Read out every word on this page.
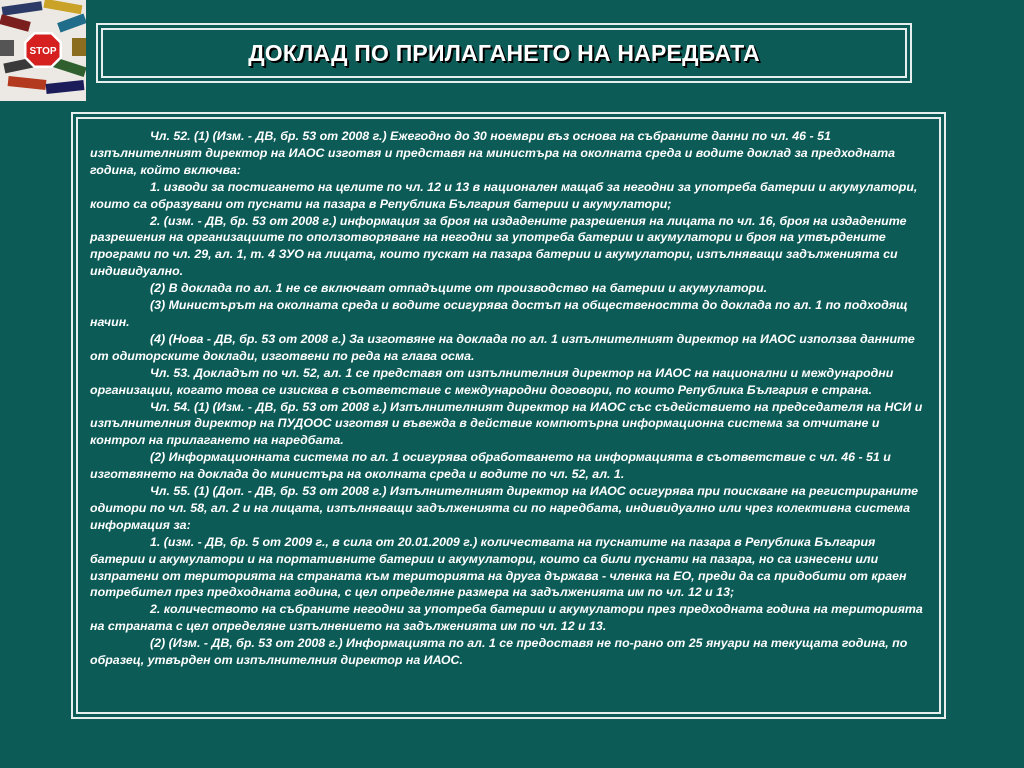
STOP	ДОКЛАД ПО ПРИЛАГАНЕТО НА НАРЕДБАТА

Чл. 52. (1) (Изм. - ДВ, бр. 53 от 2008 г.) Ежегодно до 30 ноември въз основа на събраните данни по чл. 46 - 51 изпълнителният директор на ИАОС изготвя и представя на министъра на околната среда и водите доклад за предходната година, който включва:

1. изводи за постигането на целите по чл. 12 и 13 в национален мащаб за негодни за употреба батерии и акумулатори, които са образувани от пуснати на пазара в Република България батерии и акумулатори;

2. (изм. - ДВ, бр. 53 от 2008 г.) информация за броя на издадените разрешения на лицата по чл. 16, броя на издадените разрешения на организациите по оползотворяване на негодни за употреба батерии и акумулатори и броя на утвърдените програми по чл. 29, ал. 1, т. 4 ЗУО на лицата, които пускат на пазара батерии и акумулатори, изпълняващи задълженията си индивидуално.

(2) В доклада по ал. 1 не се включват отпадъците от производство на батерии и акумулатори.

(3) Министърът на околната среда и водите осигурява достъп на обществеността до доклада по ал. 1 по подходящ начин.

(4) (Нова - ДВ, бр. 53 от 2008 г.) За изготвяне на доклада по ал. 1 изпълнителният директор на ИАОС използва данните от одиторските доклади, изготвени по реда на глава осма.

Чл. 53. Докладът по чл. 52, ал. 1 се представя от изпълнителния директор на ИАОС на национални и международни организации, когато това се изисква в съответствие с международни договори, по които Република България е страна.

Чл. 54. (1) (Изм. - ДВ, бр. 53 от 2008 г.) Изпълнителният директор на ИАОС със съдействието на председателя на НСИ и изпълнителния директор на ПУДООС изготвя и въвежда в действие компютърна информационна система за отчитане и контрол на прилагането на наредбата.

(2) Информационната система по ал. 1 осигурява обработването на информацията в съответствие с чл. 46 - 51 и изготвянето на доклада до министъра на околната среда и водите по чл. 52, ал. 1.

Чл. 55. (1) (Доп. - ДВ, бр. 53 от 2008 г.) Изпълнителният директор на ИАОС осигурява при поискване на регистрираните одитори по чл. 58, ал. 2 и на лицата, изпълняващи задълженията си по наредбата, индивидуално или чрез колективна система информация за:

1. (изм. - ДВ, бр. 5 от 2009 г., в сила от 20.01.2009 г.) количествата на пуснатите на пазара в Република България батерии и акумулатори и на портативните батерии и акумулатори, които са били пуснати на пазара, но са изнесени или изпратени от територията на страната към територията на друга държава - членка на ЕО, преди да са придобити от краен потребител през предходната година, с цел определяне размера на задълженията им по чл. 12 и 13;

2. количеството на събраните негодни за употреба батерии и акумулатори през предходната година на територията на страната с цел определяне изпълнението на задълженията им по чл. 12 и 13.

(2) (Изм. - ДВ, бр. 53 от 2008 г.) Информацията по ал. 1 се предоставя не по-рано от 25 януари на текущата година, по образец, утвърден от изпълнителния директор на ИАОС.
